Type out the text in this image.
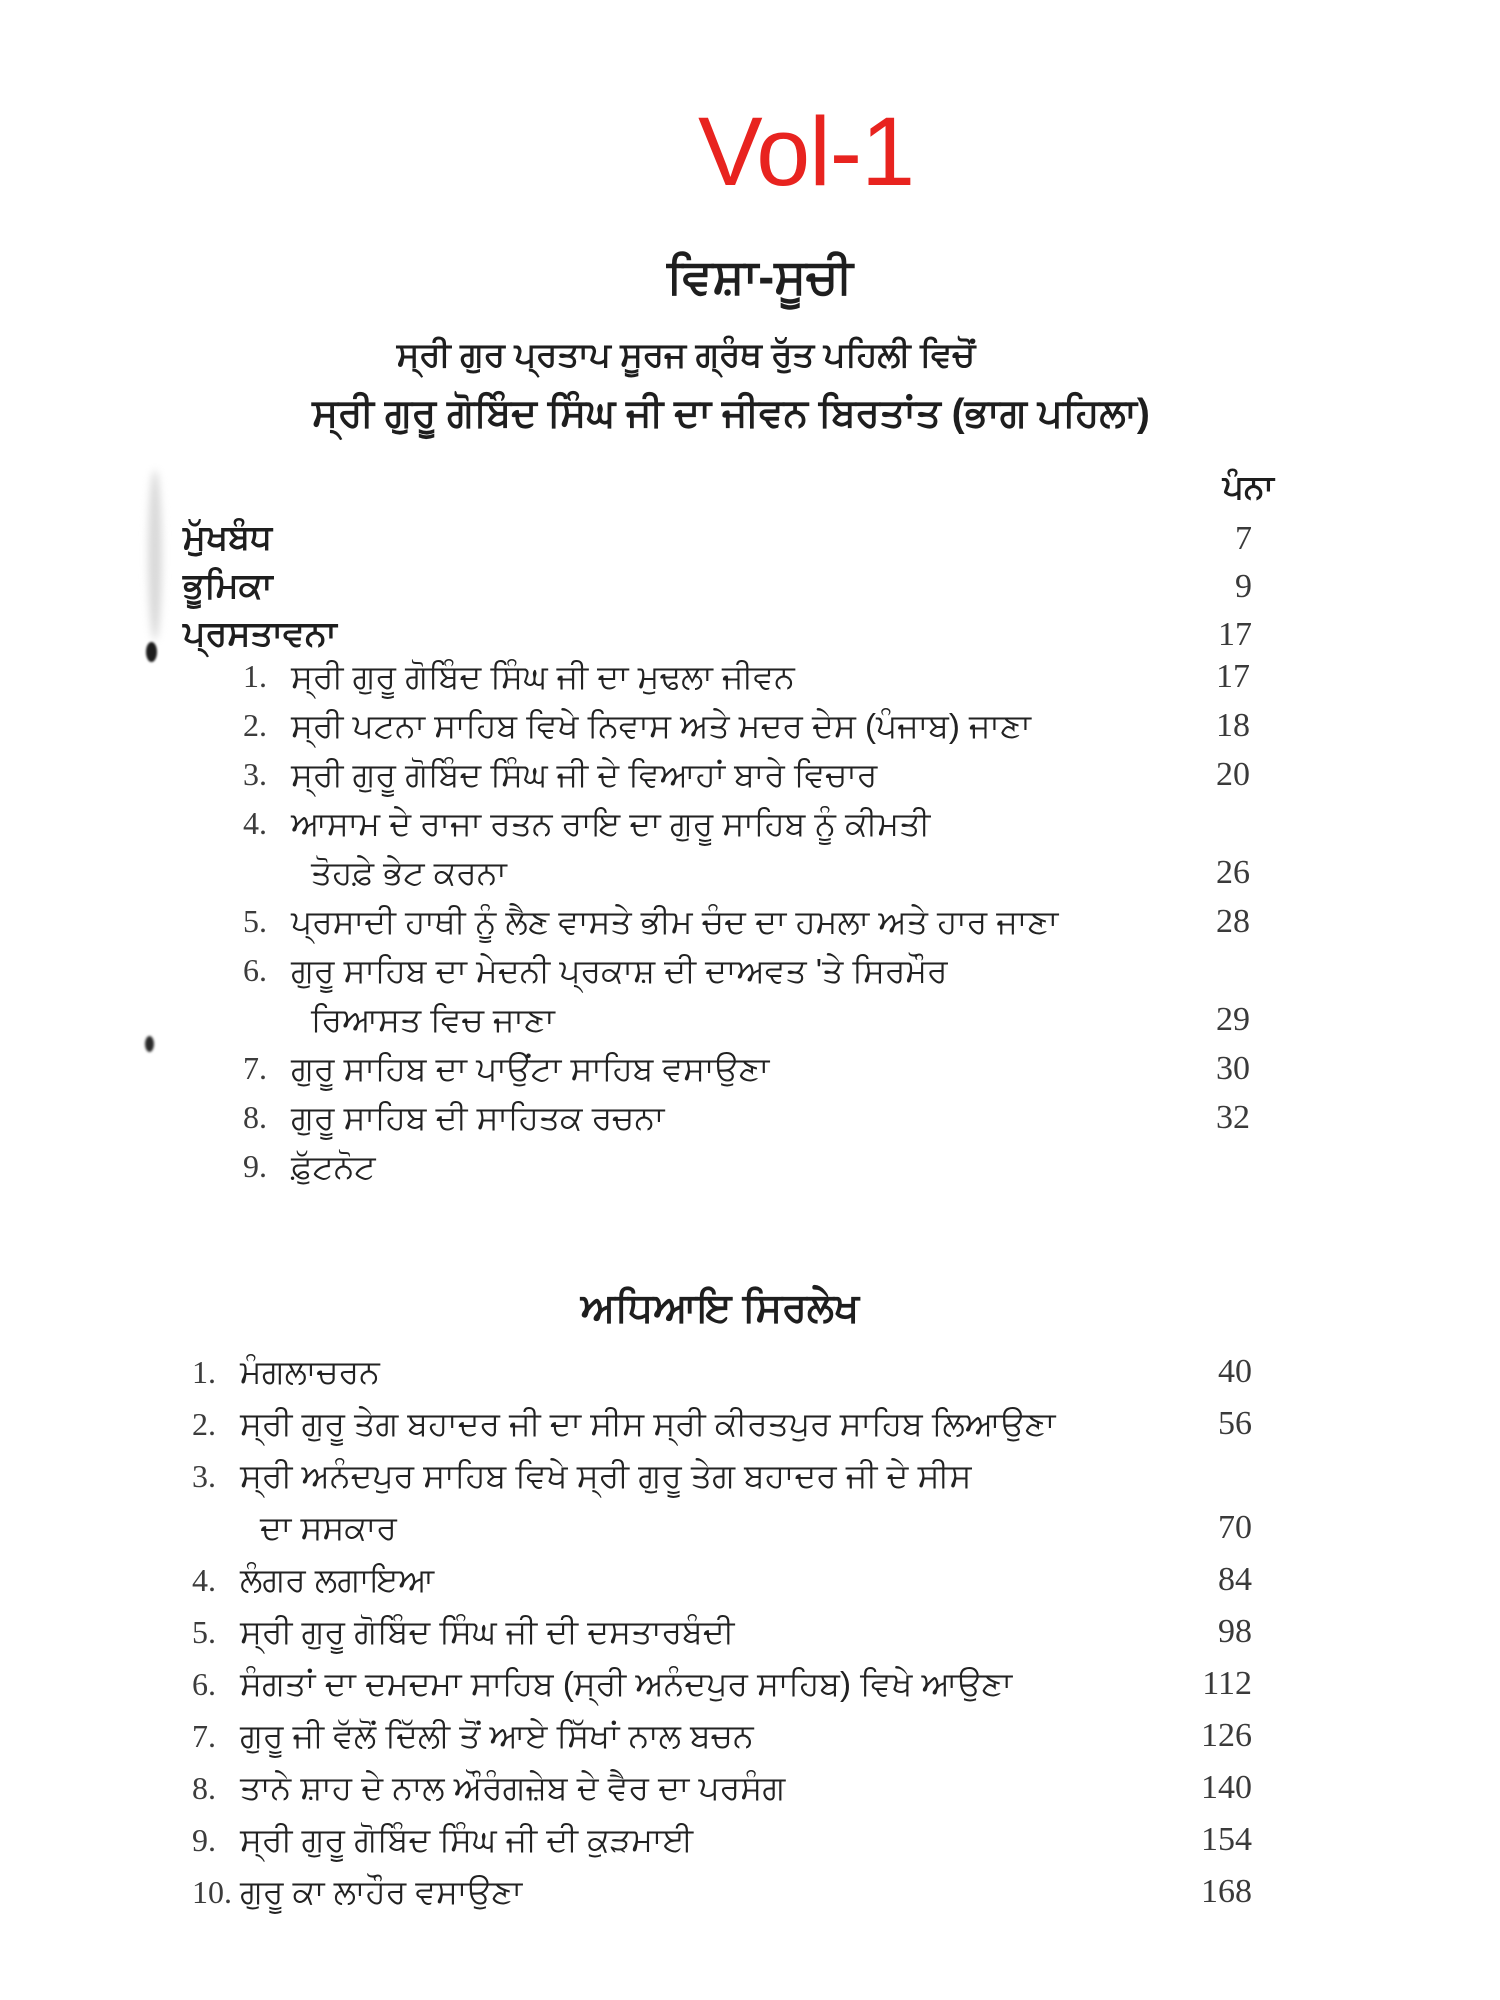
Vol-1
ਵਿਸ਼ਾ-ਸੂਚੀ
ਸ੍ਰੀ ਗੁਰ ਪ੍ਰਤਾਪ ਸੂਰਜ ਗ੍ਰੰਥ ਰੁੱਤ ਪਹਿਲੀ ਵਿਚੋਂ
ਸ੍ਰੀ ਗੁਰੂ ਗੋਬਿੰਦ ਸਿੰਘ ਜੀ ਦਾ ਜੀਵਨ ਬਿਰਤਾਂਤ (ਭਾਗ ਪਹਿਲਾ)
ਪੰਨਾ
ਮੁੱਖਬੰਧ	7
ਭੂਮਿਕਾ	9
ਪ੍ਰਸਤਾਵਨਾ	17
1. ਸ੍ਰੀ ਗੁਰੂ ਗੋਬਿੰਦ ਸਿੰਘ ਜੀ ਦਾ ਮੁਢਲਾ ਜੀਵਨ	17
2. ਸ੍ਰੀ ਪਟਨਾ ਸਾਹਿਬ ਵਿਖੇ ਨਿਵਾਸ ਅਤੇ ਮਦਰ ਦੇਸ (ਪੰਜਾਬ) ਜਾਣਾ	18
3. ਸ੍ਰੀ ਗੁਰੂ ਗੋਬਿੰਦ ਸਿੰਘ ਜੀ ਦੇ ਵਿਆਹਾਂ ਬਾਰੇ ਵਿਚਾਰ	20
4. ਆਸਾਮ ਦੇ ਰਾਜਾ ਰਤਨ ਰਾਇ ਦਾ ਗੁਰੂ ਸਾਹਿਬ ਨੂੰ ਕੀਮਤੀ
ਤੋਹਫ਼ੇ ਭੇਟ ਕਰਨਾ	26
5. ਪ੍ਰਸਾਦੀ ਹਾਥੀ ਨੂੰ ਲੈਣ ਵਾਸਤੇ ਭੀਮ ਚੰਦ ਦਾ ਹਮਲਾ ਅਤੇ ਹਾਰ ਜਾਣਾ	28
6. ਗੁਰੂ ਸਾਹਿਬ ਦਾ ਮੇਦਨੀ ਪ੍ਰਕਾਸ਼ ਦੀ ਦਾਅਵਤ 'ਤੇ ਸਿਰਮੌਰ
ਰਿਆਸਤ ਵਿਚ ਜਾਣਾ	29
7. ਗੁਰੂ ਸਾਹਿਬ ਦਾ ਪਾਉਂਟਾ ਸਾਹਿਬ ਵਸਾਉਣਾ	30
8. ਗੁਰੂ ਸਾਹਿਬ ਦੀ ਸਾਹਿਤਕ ਰਚਨਾ	32
9. ਫ਼ੁੱਟਨੋਟ
ਅਧਿਆਇ ਸਿਰਲੇਖ
1. ਮੰਗਲਾਚਰਨ	40
2. ਸ੍ਰੀ ਗੁਰੂ ਤੇਗ ਬਹਾਦਰ ਜੀ ਦਾ ਸੀਸ ਸ੍ਰੀ ਕੀਰਤਪੁਰ ਸਾਹਿਬ ਲਿਆਉਣਾ	56
3. ਸ੍ਰੀ ਅਨੰਦਪੁਰ ਸਾਹਿਬ ਵਿਖੇ ਸ੍ਰੀ ਗੁਰੂ ਤੇਗ ਬਹਾਦਰ ਜੀ ਦੇ ਸੀਸ
ਦਾ ਸਸਕਾਰ	70
4. ਲੰਗਰ ਲਗਾਇਆ	84
5. ਸ੍ਰੀ ਗੁਰੂ ਗੋਬਿੰਦ ਸਿੰਘ ਜੀ ਦੀ ਦਸਤਾਰਬੰਦੀ	98
6. ਸੰਗਤਾਂ ਦਾ ਦਮਦਮਾ ਸਾਹਿਬ (ਸ੍ਰੀ ਅਨੰਦਪੁਰ ਸਾਹਿਬ) ਵਿਖੇ ਆਉਣਾ	112
7. ਗੁਰੂ ਜੀ ਵੱਲੋਂ ਦਿੱਲੀ ਤੋਂ ਆਏ ਸਿੱਖਾਂ ਨਾਲ ਬਚਨ	126
8. ਤਾਨੇ ਸ਼ਾਹ ਦੇ ਨਾਲ ਔਰੰਗਜ਼ੇਬ ਦੇ ਵੈਰ ਦਾ ਪਰਸੰਗ	140
9. ਸ੍ਰੀ ਗੁਰੂ ਗੋਬਿੰਦ ਸਿੰਘ ਜੀ ਦੀ ਕੁੜਮਾਈ	154
10. ਗੁਰੂ ਕਾ ਲਾਹੌਰ ਵਸਾਉਣਾ	168
